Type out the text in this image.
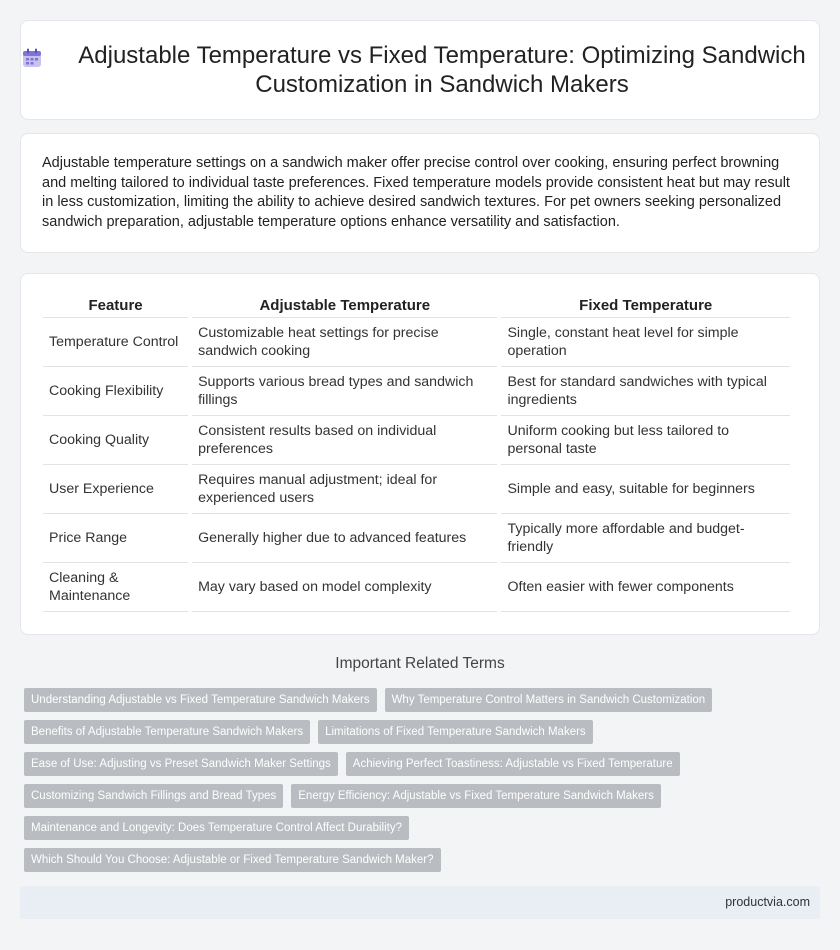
Adjustable Temperature vs Fixed Temperature: Optimizing Sandwich Customization in Sandwich Makers

Adjustable temperature settings on a sandwich maker offer precise control over cooking, ensuring perfect browning and melting tailored to individual taste preferences. Fixed temperature models provide consistent heat but may result in less customization, limiting the ability to achieve desired sandwich textures. For pet owners seeking personalized sandwich preparation, adjustable temperature options enhance versatility and satisfaction.

Feature	Adjustable Temperature	Fixed Temperature
Temperature Control	Customizable heat settings for precise sandwich cooking	Single, constant heat level for simple operation
Cooking Flexibility	Supports various bread types and sandwich fillings	Best for standard sandwiches with typical ingredients
Cooking Quality	Consistent results based on individual preferences	Uniform cooking but less tailored to personal taste
User Experience	Requires manual adjustment; ideal for experienced users	Simple and easy, suitable for beginners
Price Range	Generally higher due to advanced features	Typically more affordable and budget-friendly
Cleaning & Maintenance	May vary based on model complexity	Often easier with fewer components
Important Related Terms
Understanding Adjustable vs Fixed Temperature Sandwich Makers	Why Temperature Control Matters in Sandwich Customization
Benefits of Adjustable Temperature Sandwich Makers	Limitations of Fixed Temperature Sandwich Makers
Ease of Use: Adjusting vs Preset Sandwich Maker Settings	Achieving Perfect Toastiness: Adjustable vs Fixed Temperature
Customizing Sandwich Fillings and Bread Types	Energy Efficiency: Adjustable vs Fixed Temperature Sandwich Makers
Maintenance and Longevity: Does Temperature Control Affect Durability?
Which Should You Choose: Adjustable or Fixed Temperature Sandwich Maker?
productvia.com
